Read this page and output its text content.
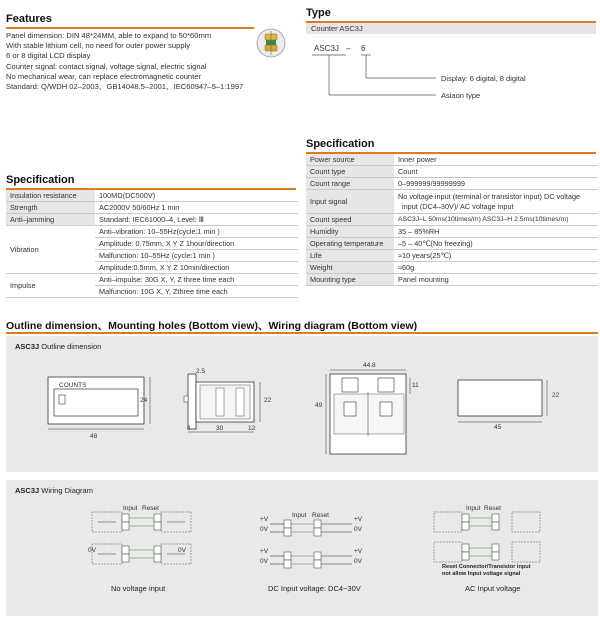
Features
Panel dimension: DIN 48*24MM, able to expand to 50*60mm
With stable lithium cell, no need for outer power supply
6 or 8 digital LCD display
Counter signal: contact signal, voltage signal, electric signal
No mechanical wear, can replace electromagnetic counter
Standard: Q/WDH 02–2003、GB14048.5–2001、IEC60947–5–1:1997
Type
Counter ASC3J
ASC3J – 6
Display: 6 digital, 8 digital
Asiaon type
Specification
Power source	Inner power
Count type	Count
Count range	0–999999/99999999
Input signal	No voltage input (terminal or transistor input) DC voltage
input (DC4–30V)/ AC voltage input

Count speed	ASC3J–L 50ms(10times/m) ASC3J–H 2.5ms(10times/m)
Humidity	35 – 85%RH
Operating temperature	–5 – 40℃(No freezing)
Life	≈10 years(25℃)
Weight	≈60g
Mounting type	Panel mounting
Specification
Insulation resistance	100MΩ(DC500V)
Strength	AC2000V 50/60Hz 1 min
Anti–jamming	Standard: IEC61000–4, Level: Ⅲ
Vibration	Anti–vibration: 10–55Hz(cycle:1 min )
	Amplitude: 0.75mm, X Y Z 1hour/direction
	Malfunction: 10–55Hz (cycle:1 min )
	Amplitude:0.5mm, X Y Z 10min/direction
Impulse	Anti–impulse: 30G X, Y, Z three time each
	Malfunction: 10G X, Y, Zthree time each
Outline dimension、Mounting holes (Bottom view)、Wiring diagram (Bottom view)
ASC3J Outline dimension
COUNTS
48
24
2.5
22
4	30	12
44.8
11
49
45
22
ASC3J Wiring Diagram
Input Reset
0V	0V
No voltage input
Input Reset
+V
0V
+V
0V
+V
0V
+V
0V
DC Input voltage: DC4~30V
Input Reset
Reset Connector/Transistor input
not allow Input voltage signal
AC Input voltage
